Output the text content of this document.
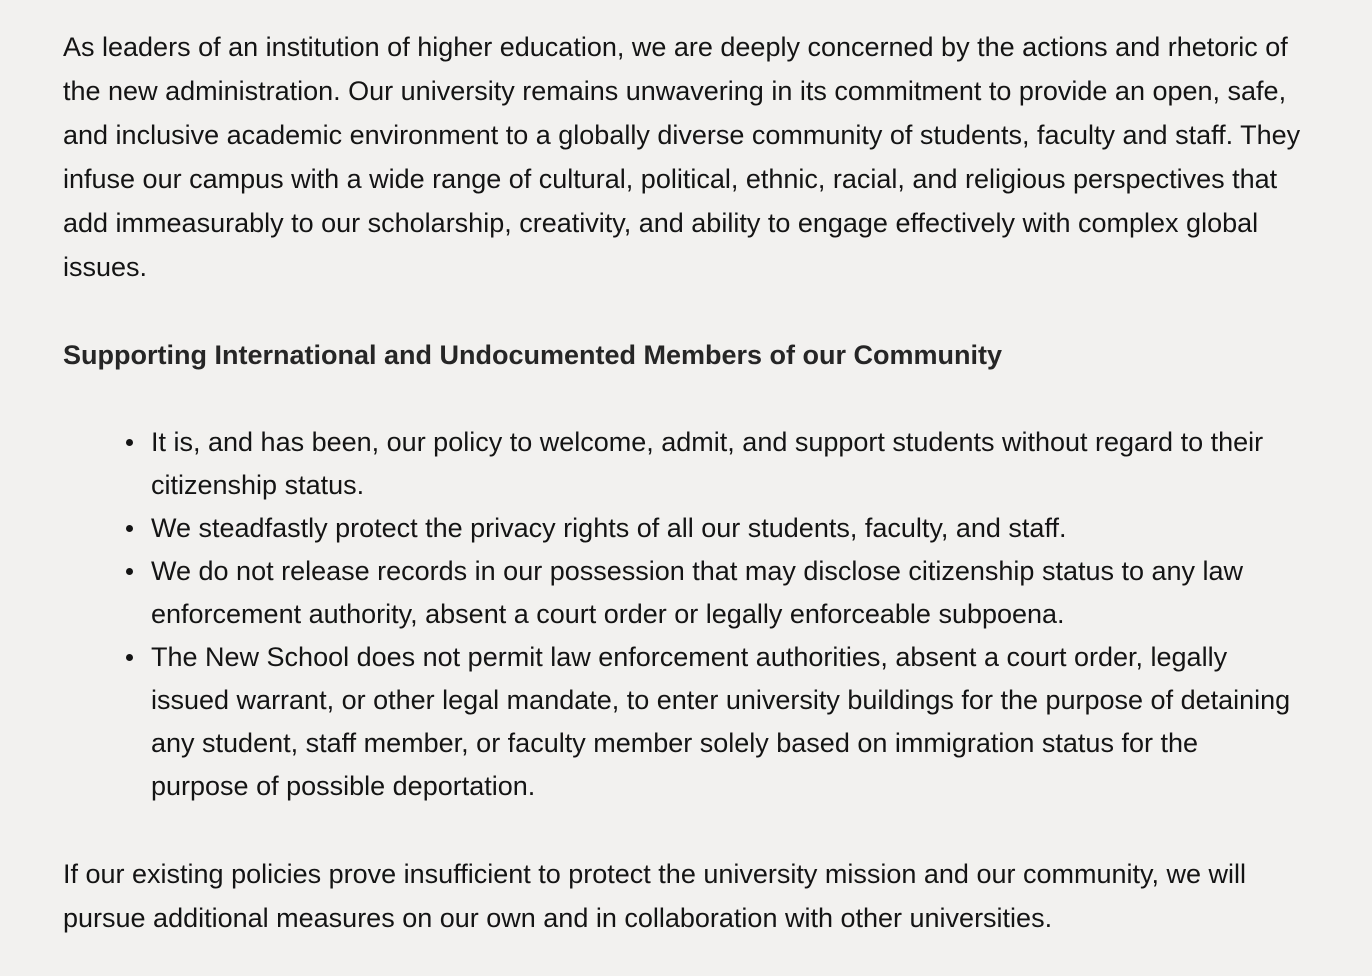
As leaders of an institution of higher education, we are deeply concerned by the actions and rhetoric of the new administration. Our university remains unwavering in its commitment to provide an open, safe, and inclusive academic environment to a globally diverse community of students, faculty and staff. They infuse our campus with a wide range of cultural, political, ethnic, racial, and religious perspectives that add immeasurably to our scholarship, creativity, and ability to engage effectively with complex global issues.

Supporting International and Undocumented Members of our Community
It is, and has been, our policy to welcome, admit, and support students without regard to their citizenship status.
We steadfastly protect the privacy rights of all our students, faculty, and staff.
We do not release records in our possession that may disclose citizenship status to any law enforcement authority, absent a court order or legally enforceable subpoena.
The New School does not permit law enforcement authorities, absent a court order, legally issued warrant, or other legal mandate, to enter university buildings for the purpose of detaining any student, staff member, or faculty member solely based on immigration status for the purpose of possible deportation.

If our existing policies prove insufficient to protect the university mission and our community, we will pursue additional measures on our own and in collaboration with other universities.
